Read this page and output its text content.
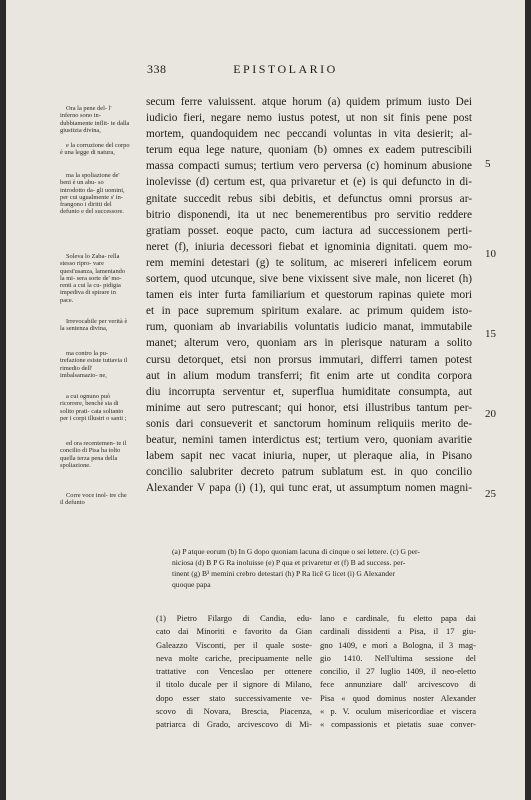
338	EPISTOLARIO

Ora la pene del- l' inferno sono in- dubbiamente inflit- te dalla giustizia divina,

e la corruzione del corpo è una legge di natura,

ma la spoliazione de' beni è un abu- so introdotto da- gli uomini, per cui ugualmente s' in- frangono i diritti del defunto e del successore.

Soleva lo Zaba- rella stesso ripro- vare quest'usanza, lamentando la mi- sera sorte de' mo- renti a cui la cu- pidigia impediva di spirare in pace.

Irrevocabile per verità è la sentenza divina,

ma contro la pu- trefazione esiste tuttavia il rimedio dell' imbalsamazio- ne,

a cui ognuno può ricorrere, benchè sia di solito prati- cata soltanto per i corpi illustri o santi ;

ed ora recentemen- te il concilio di Pisa ha tolto quella terza pena della spoliazione.

Corre voce inol- tre che il defunto

secum ferre valuissent. atque horum (a) quidem primum iusto Dei
iudicio fieri, negare nemo iustus potest, ut non sit finis pene post
mortem, quandoquidem nec peccandi voluntas in vita desierit; al-
terum equa lege nature, quoniam (b) omnes ex eadem putrescibili
massa compacti sumus; tertium vero perversa (c) hominum abusione
inolevisse (d) certum est, qua privaretur et (e) is qui defuncto in di-
gnitate succedit rebus sibi debitis, et defunctus omni prorsus ar-
bitrio disponendi, ita ut nec benemerentibus pro servitio reddere
gratiam posset. eoque pacto, cum iactura ad successionem perti-
neret (f), iniuria decessori fiebat et ignominia dignitati. quem mo-
rem memini detestari (g) te solitum, ac misereri infelicem eorum
sortem, quod utcunque, sive bene vixissent sive male, non liceret (h)
tamen eis inter furta familiarium et questorum rapinas quiete mori
et in pace supremum spiritum exalare. ac primum quidem isto-
rum, quoniam ab invariabilis voluntatis iudicio manat, immutabile
manet; alterum vero, quoniam ars in plerisque naturam a solito
cursu detorquet, etsi non prorsus immutari, differri tamen potest
aut in alium modum transferri; fit enim arte ut condita corpora
diu incorrupta serventur et, superflua humiditate consumpta, aut
minime aut sero putrescant; qui honor, etsi illustribus tantum per-
sonis dari consueverit et sanctorum hominum reliquiis merito de-
beatur, nemini tamen interdictus est; tertium vero, quoniam avaritie
labem sapit nec vacat iniuria, nuper, ut pleraque alia, in Pisano
concilio salubriter decreto patrum sublatum est. in quo concilio
Alexander V papa (i) (1), qui tunc erat, ut assumptum nomen magni-
5
10
15
20
25
(a) P atque eorum (b) In G dopo quoniam lacuna di cinque o sei lettere. (c) G per-
niciosa (d) B P G Ra inoluisse (e) P qua et privaretur et (f) B ad success. per-
tinent (g) B³ memini crebro detestari (h) P Ra licē G licet (i) G Alexander
quoque papa
(1) Pietro Filargo di Candia, edu-
cato dai Minoriti e favorito da Gian
Galeazzo Visconti, per il quale soste-
neva molte cariche, precipuamente nelle
trattative con Venceslao per ottenere
il titolo ducale per il signore di Milano,
dopo esser stato successivamente ve-
scovo di Novara, Brescia, Piacenza,
patriarca di Grado, arcivescovo di Mi-
lano e cardinale, fu eletto papa dai
cardinali dissidenti a Pisa, il 17 giu-
gno 1409, e morì a Bologna, il 3 mag-
gio 1410. Nell'ultima sessione del
concilio, il 27 luglio 1409, il neo-eletto
fece annunziare dall' arcivescovo di
Pisa « quod dominus noster Alexander
« p. V. oculum misericordiae et viscera
« compassionis et pietatis suae conver-
